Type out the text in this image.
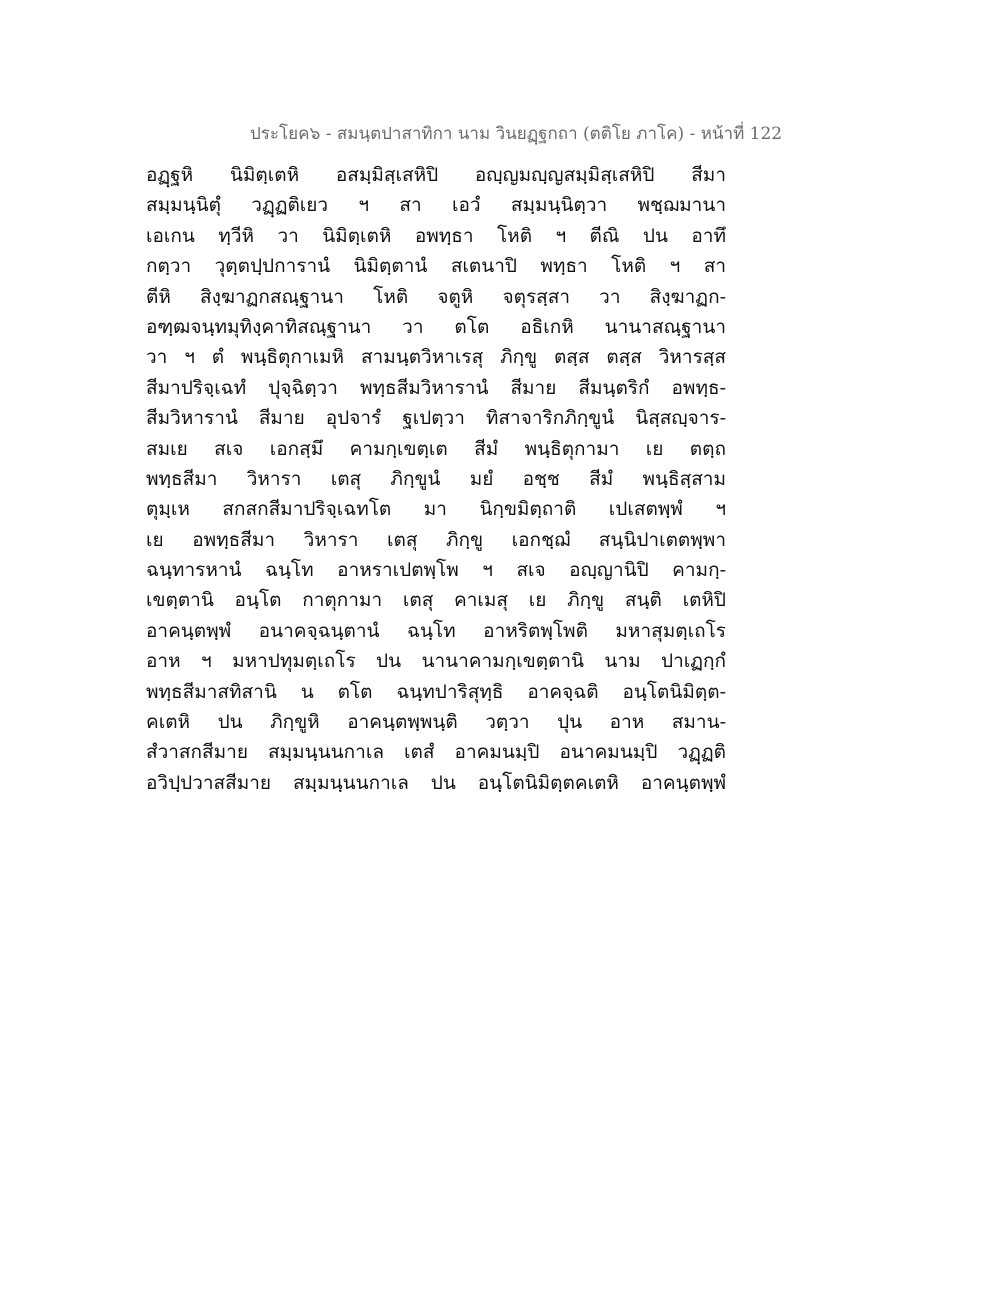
ประโยค๖ - สมนฺตปาสาทิกา นาม วินยฏฺฐกถา (ตติโย ภาโค) - หน้าที่ 122
อฏฺฐหิ นิมิตฺเตหิ อสมฺมิสฺเสหิปิ อญฺญมญฺญสมฺมิสฺเสหิปิ สีมา
สมฺมนฺนิตุํ วฏฺฏติเยว ฯ สา เอวํ สมฺมนฺนิตฺวา พชฺฌมานา
เอเกน ทฺวีหิ วา นิมิตฺเตหิ อพทฺธา โหติ ฯ ตีณิ ปน อาทึ
กตฺวา วุตฺตปฺปการานํ นิมิตฺตานํ สเตนาปิ พทฺธา โหติ ฯ สา
ตีหิ สิงฺฆาฏกสณฺฐานา โหติ จตูหิ จตุรสฺสา วา สิงฺฆาฏก-
อฑฺฒจนฺทมุทิงฺคาทิสณฺฐานา วา ตโต อธิเกหิ นานาสณฺฐานา
วา ฯ ตํ พนฺธิตุกาเมหิ สามนฺตวิหาเรสุ ภิกฺขู ตสฺส ตสฺส วิหารสฺส
สีมาปริจฺเฉทํ ปุจฺฉิตฺวา พทฺธสีมวิหารานํ สีมาย สีมนฺตริกํ อพทฺธ-
สีมวิหารานํ สีมาย อุปจารํ ฐเปตฺวา ทิสาจาริกภิกฺขูนํ นิสฺสญฺจาร-
สมเย สเจ เอกสฺมึ คามกฺเขตฺเต สีมํ พนฺธิตุกามา เย ตตฺถ
พทฺธสีมา วิหารา เตสุ ภิกฺขูนํ มยํ อชฺช สีมํ พนฺธิสฺสาม
ตุมฺเห สกสกสีมาปริจฺเฉทโต มา นิกฺขมิตฺถาติ เปเสตพฺพํ ฯ
เย อพทฺธสีมา วิหารา เตสุ ภิกฺขู เอกชฺฌํ สนฺนิปาเตตพฺพา
ฉนฺทารหานํ ฉนฺโท อาหราเปตพฺโพ ฯ สเจ อญฺญานิปิ คามกฺ-
เขตฺตานิ อนฺโต กาตุกามา เตสุ คาเมสุ เย ภิกฺขู สนฺติ เตหิปิ
อาคนฺตพฺพํ อนาคจฺฉนฺตานํ ฉนฺโท อาหริตพฺโพติ มหาสุมตฺเถโร
อาห ฯ มหาปทุมตฺเถโร ปน นานาคามกฺเขตฺตานิ นาม ปาเฏกฺกํ
พทฺธสีมาสทิสานิ น ตโต ฉนฺทปาริสุทฺธิ อาคจฺฉติ อนฺโตนิมิตฺต-
คเตหิ ปน ภิกฺขูหิ อาคนฺตพฺพนฺติ วตฺวา ปุน อาห สมาน-
สํวาสกสีมาย สมฺมนฺนนกาเล เตสํ อาคมนมฺปิ อนาคมนมฺปิ วฏฺฏติ
อวิปฺปวาสสีมาย สมฺมนฺนนกาเล ปน อนฺโตนิมิตฺตคเตหิ อาคนฺตพฺพํ
